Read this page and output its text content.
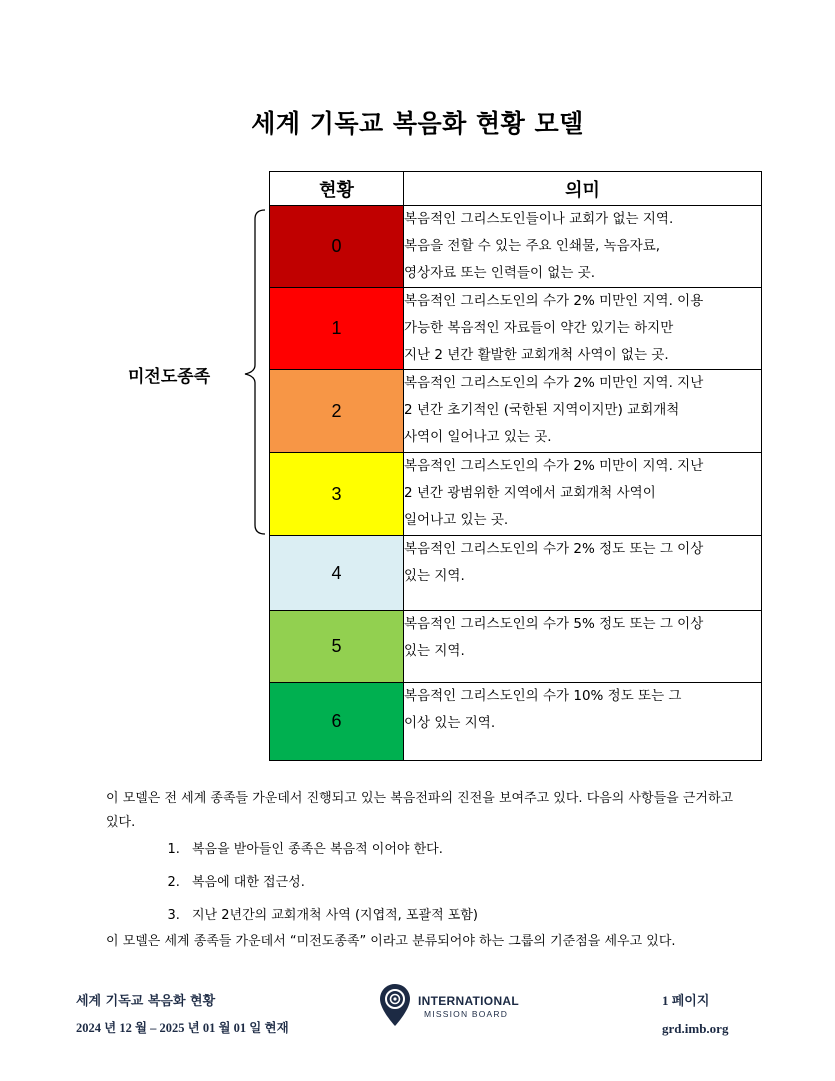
세계 기독교 복음화 현황 모델
현황	의미
0	복음적인 그리스도인들이나 교회가 없는 지역.
복음을 전할 수 있는 주요 인쇄물, 녹음자료,
영상자료 또는 인력들이 없는 곳.

1	복음적인 그리스도인의 수가 2% 미만인 지역. 이용
가능한 복음적인 자료들이 약간 있기는 하지만
지난 2 년간 활발한 교회개척 사역이 없는 곳.

2	복음적인 그리스도인의 수가 2% 미만인 지역. 지난
2 년간 초기적인 (국한된 지역이지만) 교회개척
사역이 일어나고 있는 곳.

3	복음적인 그리스도인의 수가 2% 미만이 지역. 지난
2 년간 광범위한 지역에서 교회개척 사역이
일어나고 있는 곳.

4	복음적인 그리스도인의 수가 2% 정도 또는 그 이상
있는 지역.

5	복음적인 그리스도인의 수가 5% 정도 또는 그 이상
있는 지역.

6	복음적인 그리스도인의 수가 10% 정도 또는 그
이상 있는 지역.
미전도종족

이 모델은 전 세계 종족들 가운데서 진행되고 있는 복음전파의 진전을 보여주고 있다. 다음의 사항들을 근거하고 있다.

1. 복음을 받아들인 종족은 복음적 이어야 한다.
2. 복음에 대한 접근성.
3. 지난 2년간의 교회개척 사역 (지엽적, 포괄적 포함)

이 모델은 세계 종족들 가운데서 “미전도종족” 이라고 분류되어야 하는 그룹의 기준점을 세우고 있다.

세계 기독교 복음화 현황
2024 년 12 월 – 2025 년 01 월 01 일 현재
INTERNATIONAL
MISSION BOARD
1 페이지
grd.imb.org
